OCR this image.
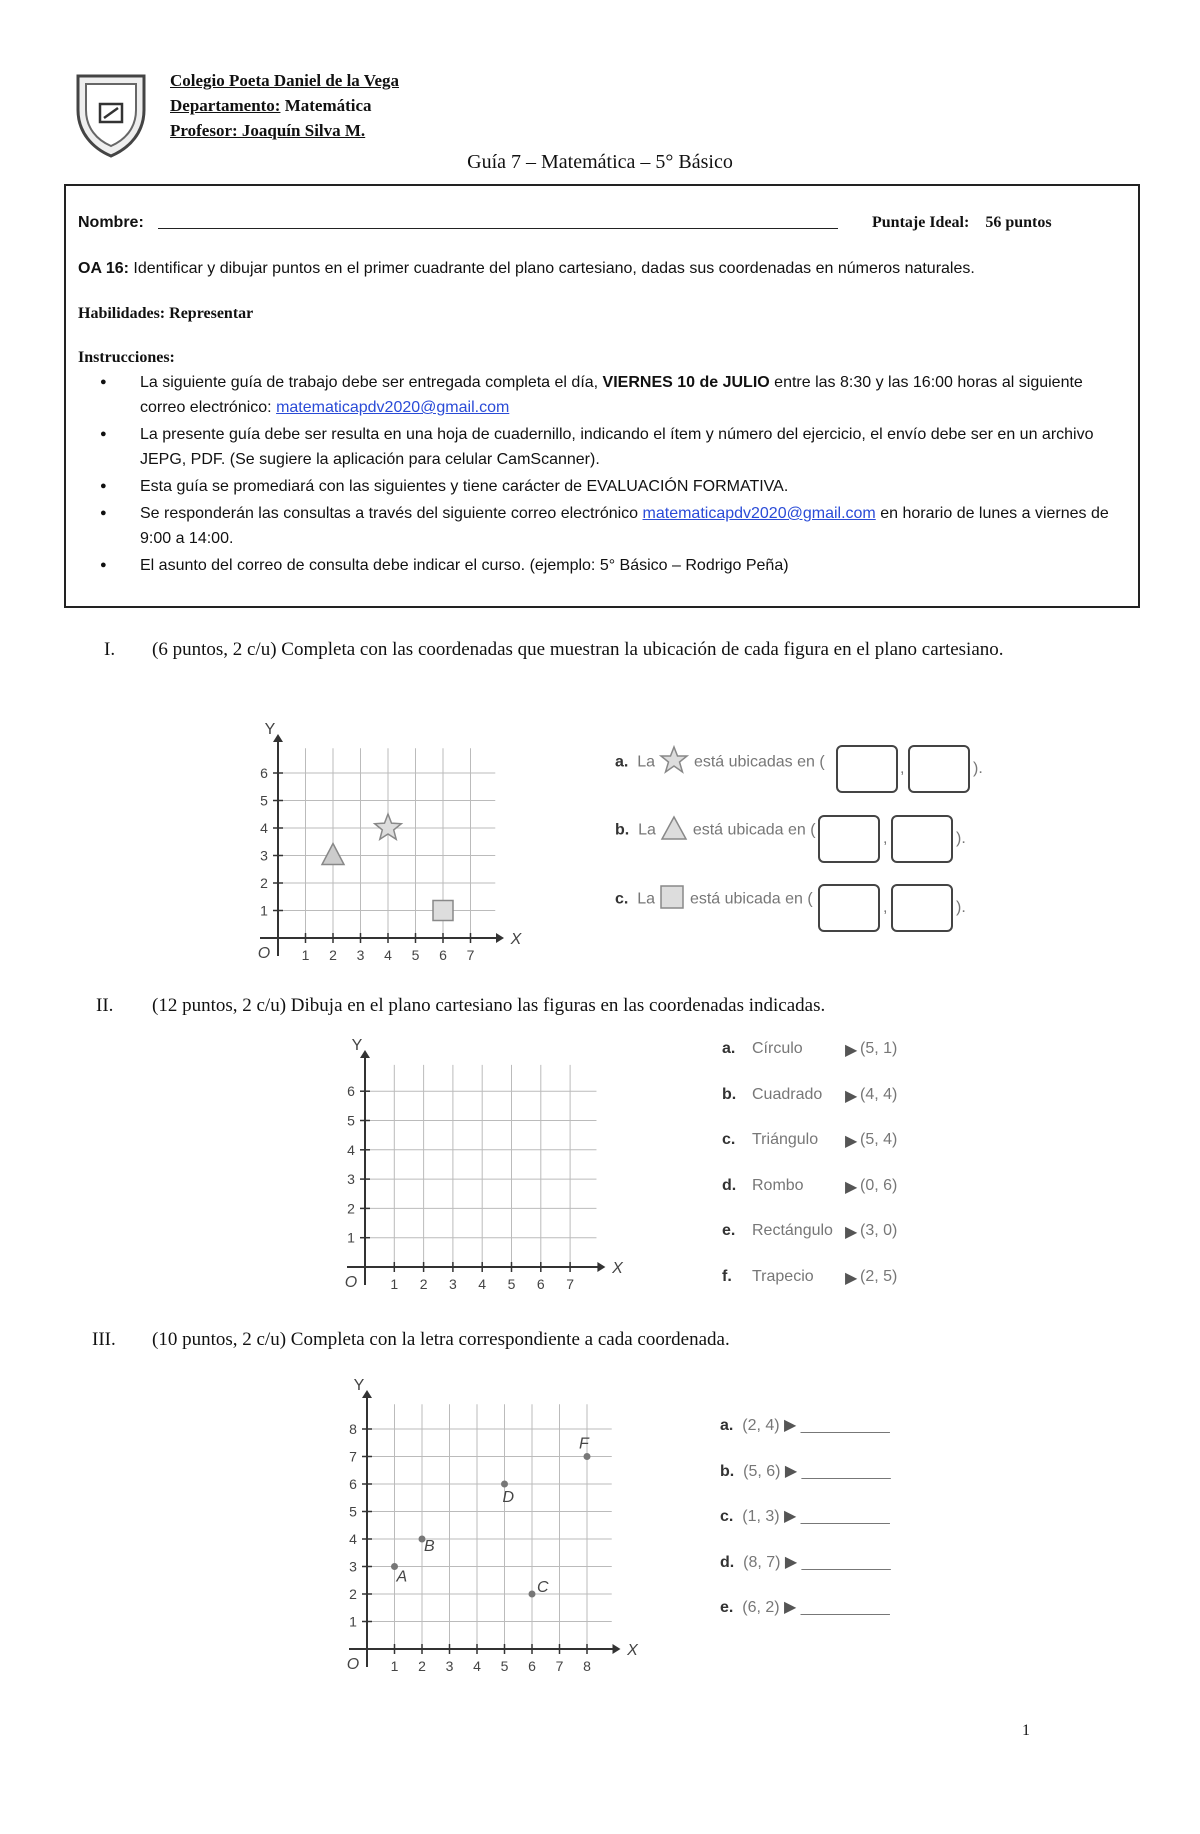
Colegio Poeta Daniel de la Vega
Departamento: Matemática
Profesor: Joaquín Silva M.
Guía 7 – Matemática – 5° Básico
Nombre:	Puntaje Ideal: 56 puntos
OA 16: Identificar y dibujar puntos en el primer cuadrante del plano cartesiano, dadas sus coordenadas en números naturales.
Habilidades: Representar
Instrucciones:
● La siguiente guía de trabajo debe ser entregada completa el día, VIERNES 10 de JULIO entre las 8:30 y las 16:00 horas al siguiente correo electrónico: matematicapdv2020@gmail.com
● La presente guía debe ser resulta en una hoja de cuadernillo, indicando el ítem y número del ejercicio, el envío debe ser en un archivo JEPG, PDF. (Se sugiere la aplicación para celular CamScanner).
● Esta guía se promediará con las siguientes y tiene carácter de EVALUACIÓN FORMATIVA.
● Se responderán las consultas a través del siguiente correo electrónico matematicapdv2020@gmail.com en horario de lunes a viernes de 9:00 a 14:00.
● El asunto del correo de consulta debe indicar el curso. (ejemplo: 5° Básico – Rodrigo Peña)
I. (6 puntos, 2 c/u) Completa con las coordenadas que muestran la ubicación de cada figura en el plano cartesiano.
1 2 3 4 5 6 7
1
2
3
4
5
6
X
Y
O
a. La está ubicadas en (	,	).
b. La está ubicada en (	,	).
c. La está ubicada en (	,	).
II. (12 puntos, 2 c/u) Dibuja en el plano cartesiano las figuras en las coordenadas indicadas.
1 2 3 4 5 6 7
1
2
3
4
5
6
X
Y
O
a. Círculo	▶ (5, 1)
b. Cuadrado ▶ (4, 4)
c. Triángulo ▶ (5, 4)
d. Rombo	▶ (0, 6)
e. Rectángulo ▶ (3, 0)
f. Trapecio ▶ (2, 5)
III. (10 puntos, 2 c/u) Completa con la letra correspondiente a cada coordenada.
1 2 3 4 5 6 7 8
1
2
3
4
5
6
7
8
X
Y
O
A
B
C
D
F
a. (2, 4) ▶ __________
b. (5, 6) ▶ __________
c. (1, 3) ▶ __________
d. (8, 7) ▶ __________
e. (6, 2) ▶ __________
1
